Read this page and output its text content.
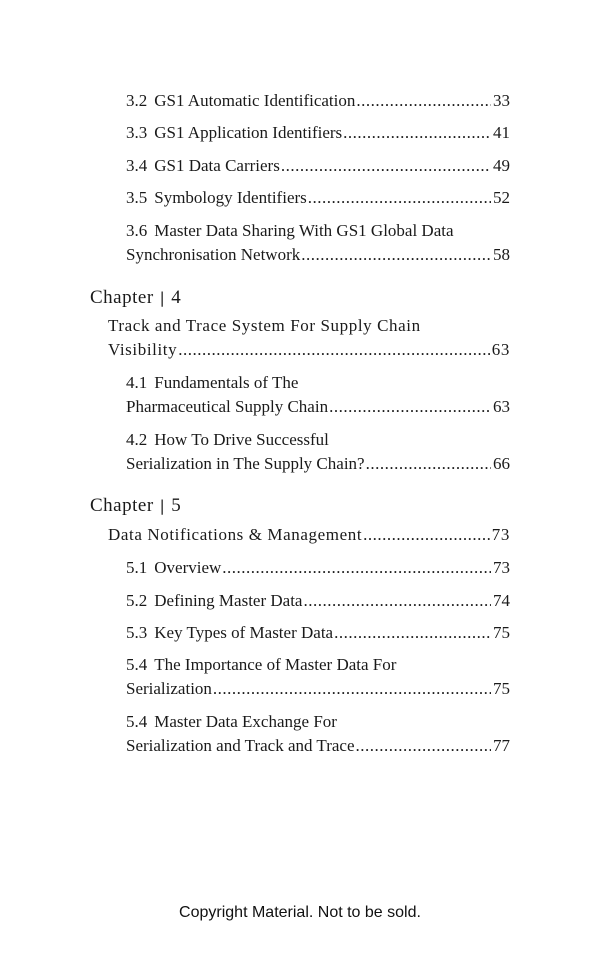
3.2 GS1 Automatic Identification .....	33
3.3 GS1 Application Identifiers .....	41
3.4 GS1 Data Carriers .....	49
3.5 Symbology Identifiers .....	52
3.6 Master Data Sharing With GS1 Global Data
Synchronisation Network .....	58
Chapter | 4
Track and Trace System For Supply Chain
Visibility .....	63
4.1 Fundamentals of The
Pharmaceutical Supply Chain .....	63
4.2 How To Drive Successful
Serialization in The Supply Chain? .....	66
Chapter | 5
Data Notifications & Management .....	73
5.1 Overview .....	73
5.2 Defining Master Data .....	74
5.3 Key Types of Master Data .....	75
5.4 The Importance of Master Data For
Serialization .....	75
5.4 Master Data Exchange For
Serialization and Track and Trace .....	77
Copyright Material. Not to be sold.
